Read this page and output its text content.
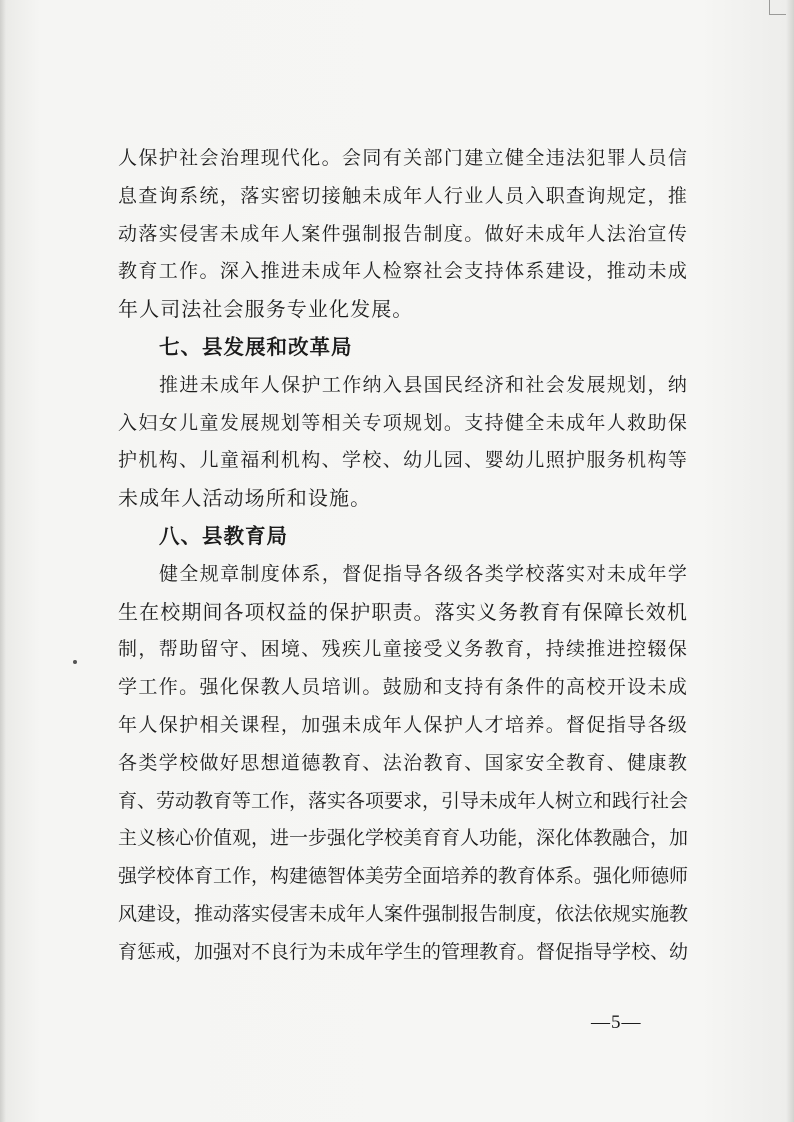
人保护社会治理现代化。会同有关部门建立健全违法犯罪人员信
息查询系统，落实密切接触未成年人行业人员入职查询规定，推
动落实侵害未成年人案件强制报告制度。做好未成年人法治宣传
教育工作。深入推进未成年人检察社会支持体系建设，推动未成
年人司法社会服务专业化发展。
七、县发展和改革局
推进未成年人保护工作纳入县国民经济和社会发展规划，纳
入妇女儿童发展规划等相关专项规划。支持健全未成年人救助保
护机构、儿童福利机构、学校、幼儿园、婴幼儿照护服务机构等
未成年人活动场所和设施。
八、县教育局
健全规章制度体系，督促指导各级各类学校落实对未成年学
生在校期间各项权益的保护职责。落实义务教育有保障长效机
制，帮助留守、困境、残疾儿童接受义务教育，持续推进控辍保
学工作。强化保教人员培训。鼓励和支持有条件的高校开设未成
年人保护相关课程，加强未成年人保护人才培养。督促指导各级
各类学校做好思想道德教育、法治教育、国家安全教育、健康教
育、劳动教育等工作，落实各项要求，引导未成年人树立和践行社会
主义核心价值观，进一步强化学校美育育人功能，深化体教融合，加
强学校体育工作，构建德智体美劳全面培养的教育体系。强化师德师
风建设，推动落实侵害未成年人案件强制报告制度，依法依规实施教
育惩戒，加强对不良行为未成年学生的管理教育。督促指导学校、幼
—5—
